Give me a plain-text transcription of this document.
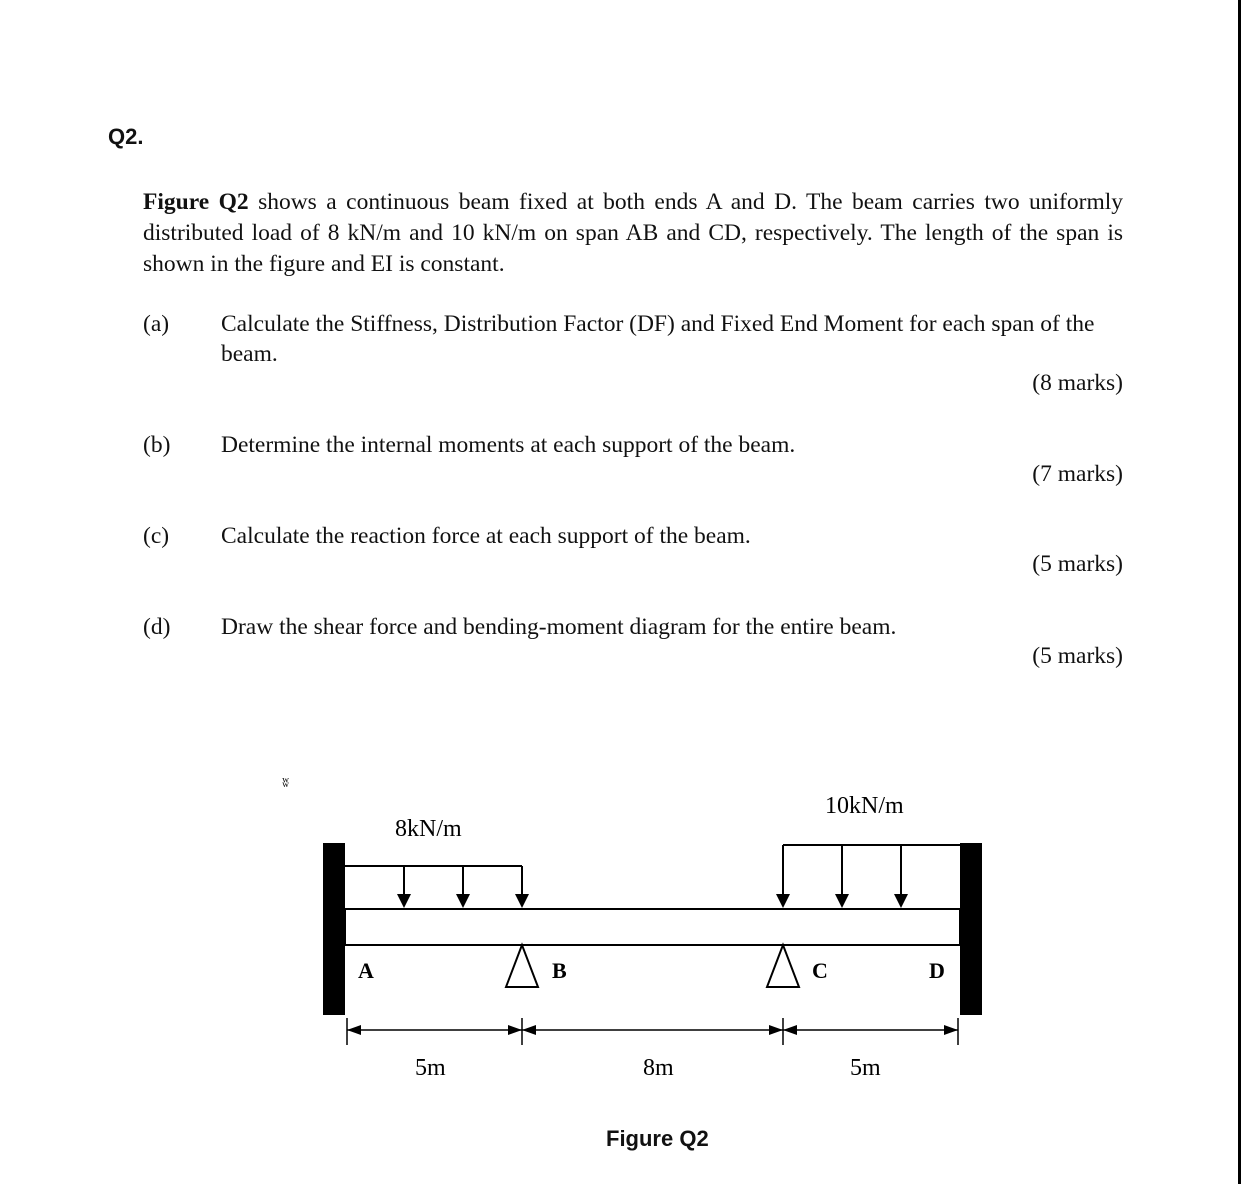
Q2.
Figure Q2 shows a continuous beam fixed at both ends A and D. The beam carries two uniformly distributed load of 8 kN/m and 10 kN/m on span AB and CD, respectively. The length of the span is shown in the figure and EI is constant.
(a) Calculate the Stiffness, Distribution Factor (DF) and Fixed End Moment for each span of the beam.
(8 marks)
(b) Determine the internal moments at each support of the beam.
(7 marks)
(c) Calculate the reaction force at each support of the beam.
(5 marks)
(d) Draw the shear force and bending-moment diagram for the entire beam.
(5 marks)
ʬ
8kN/m
10kN/m
A	B	C	D
5m	8m	5m
Figure Q2
